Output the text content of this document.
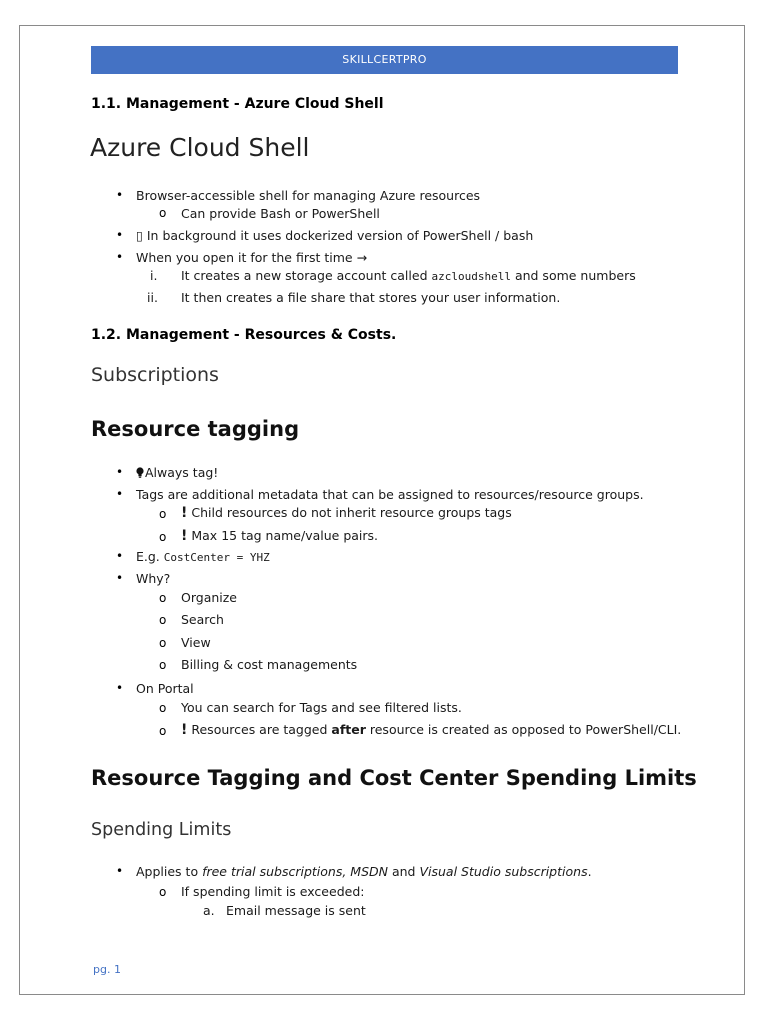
SKILLCERTPRO
1.1. Management - Azure Cloud Shell
Azure Cloud Shell
• Browser-accessible shell for managing Azure resources
o Can provide Bash or PowerShell
• ▯ In background it uses dockerized version of PowerShell / bash
• When you open it for the first time →
i. It creates a new storage account called azcloudshell and some numbers
ii. It then creates a file share that stores your user information.
1.2. Management - Resources & Costs.
Subscriptions
Resource tagging
•	Always tag!
• Tags are additional metadata that can be assigned to resources/resource groups.
o ! Child resources do not inherit resource groups tags
o ! Max 15 tag name/value pairs.
• E.g. CostCenter = YHZ
• Why?
o Organize
o Search
o View
o Billing & cost managements
• On Portal
o You can search for Tags and see filtered lists.
o ! Resources are tagged after resource is created as opposed to PowerShell/CLI.
Resource Tagging and Cost Center Spending Limits
Spending Limits
• Applies to free trial subscriptions, MSDN and Visual Studio subscriptions.
o If spending limit is exceeded:
a. Email message is sent
pg. 1
